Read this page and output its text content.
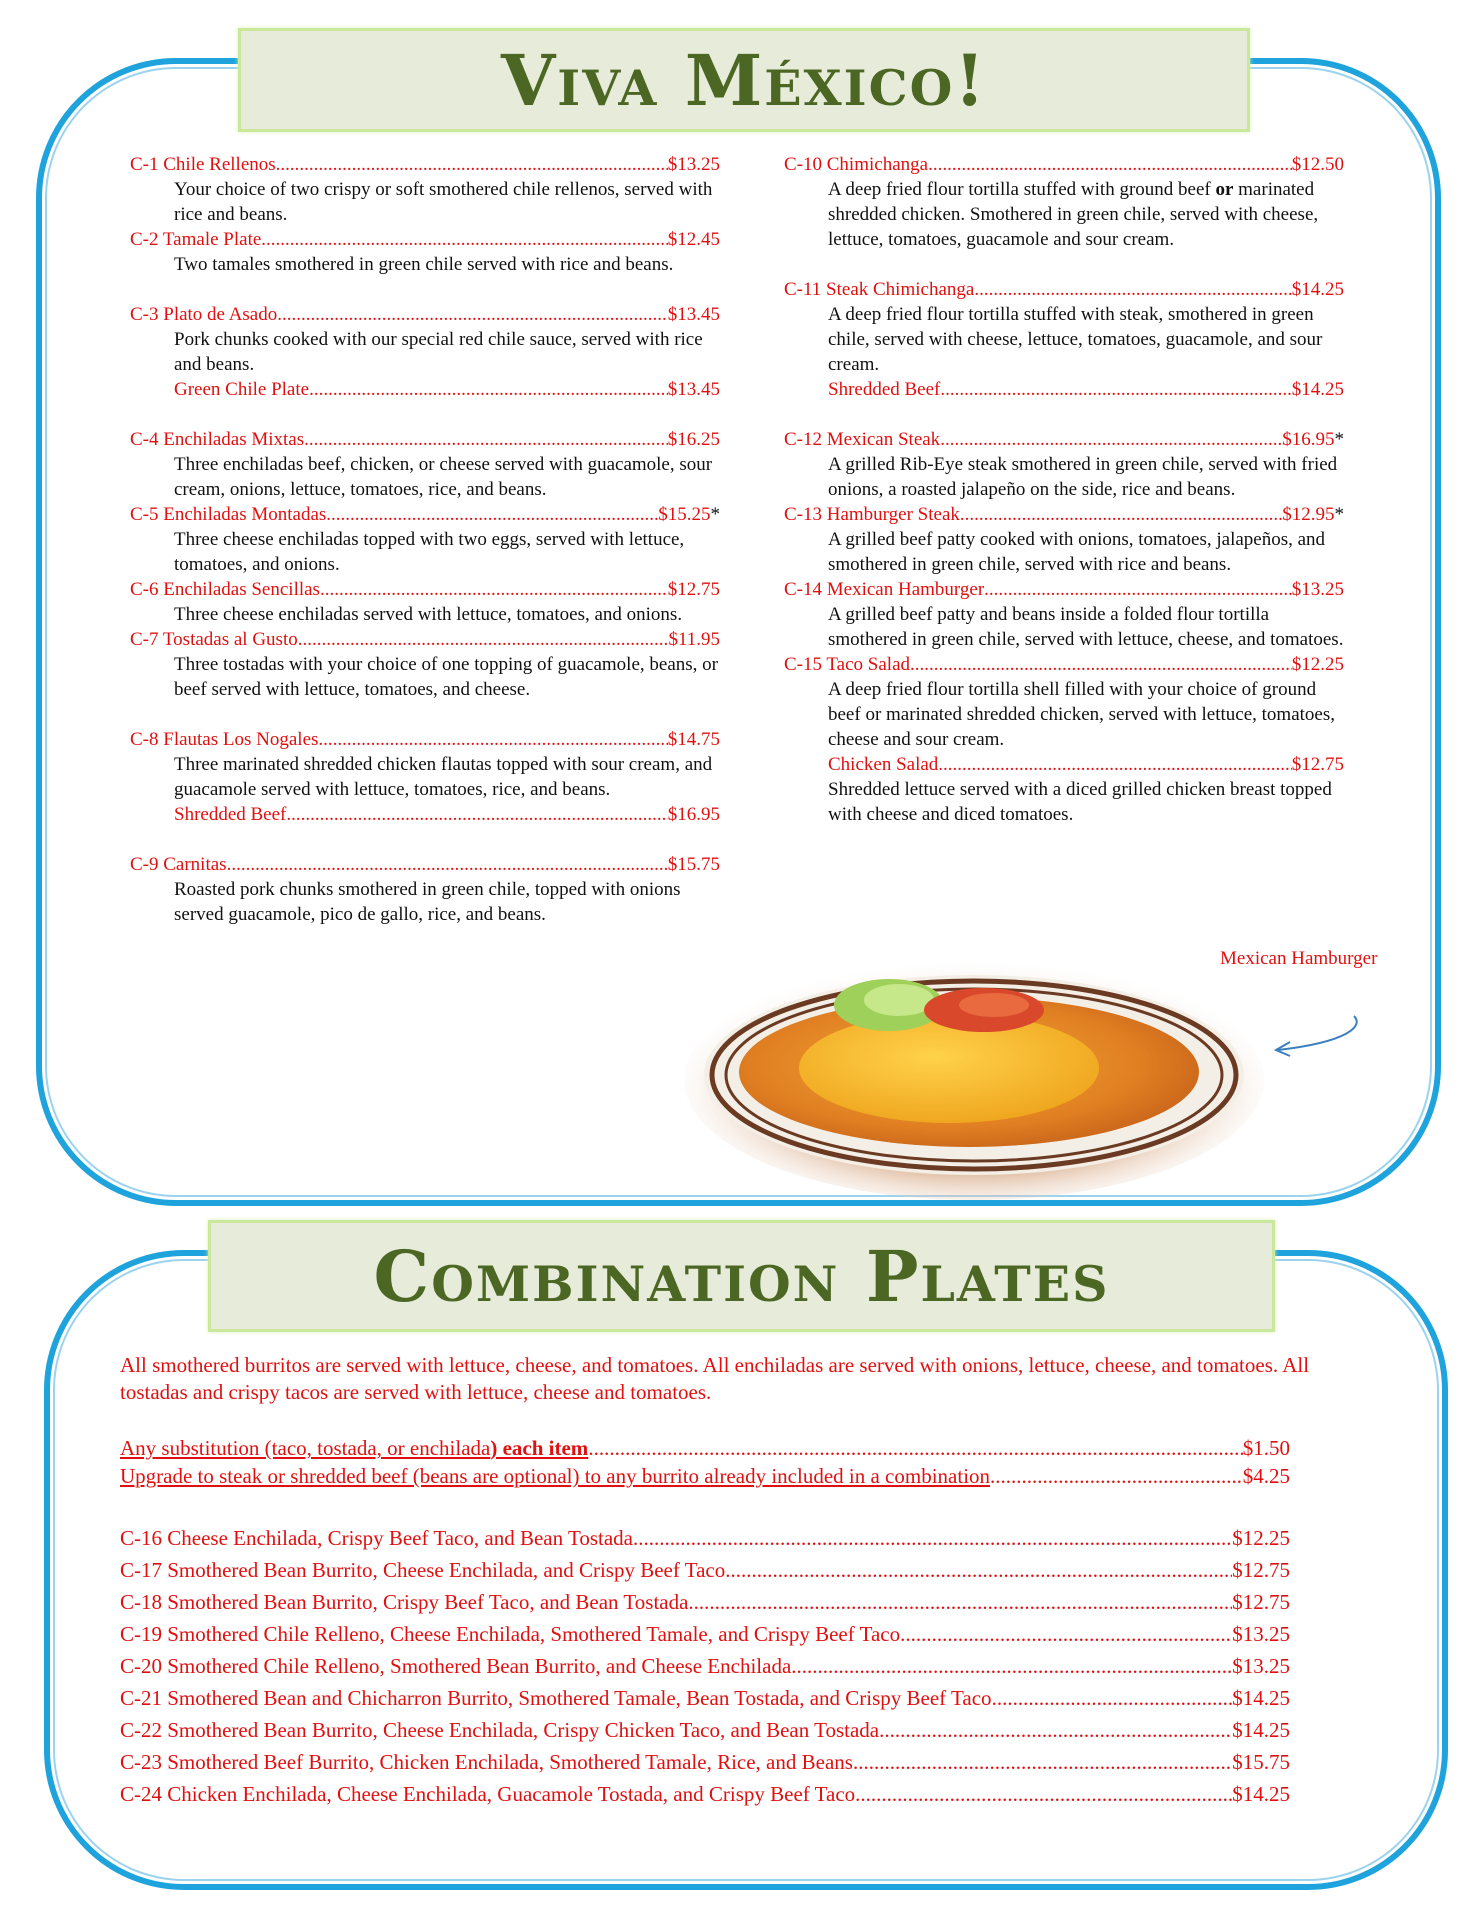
Viva México!
C-1 Chile Rellenos .....	$13.25
Your choice of two crispy or soft smothered chile rellenos, served with rice and beans.
C-2 Tamale Plate .....	$12.45
Two tamales smothered in green chile served with rice and beans.
C-3 Plato de Asado .....	$13.45
Pork chunks cooked with our special red chile sauce, served with rice and beans.
Green Chile Plate .....	$13.45
C-4 Enchiladas Mixtas .....	$16.25
Three enchiladas beef, chicken, or cheese served with guacamole, sour cream, onions, lettuce, tomatoes, rice, and beans.
C-5 Enchiladas Montadas .....	$15.25 *
Three cheese enchiladas topped with two eggs, served with lettuce, tomatoes, and onions.
C-6 Enchiladas Sencillas .....	$12.75
Three cheese enchiladas served with lettuce, tomatoes, and onions.
C-7 Tostadas al Gusto .....	$11.95
Three tostadas with your choice of one topping of guacamole, beans, or beef served with lettuce, tomatoes, and cheese.
C-8 Flautas Los Nogales .....	$14.75
Three marinated shredded chicken flautas topped with sour cream, and guacamole served with lettuce, tomatoes, rice, and beans.
Shredded Beef .....	$16.95
C-9 Carnitas .....	$15.75
Roasted pork chunks smothered in green chile, topped with onions served guacamole, pico de gallo, rice, and beans.
C-10 Chimichanga .....	$12.50
A deep fried flour tortilla stuffed with ground beef or marinated shredded chicken. Smothered in green chile, served with cheese, lettuce, tomatoes, guacamole and sour cream.
C-11 Steak Chimichanga .....	$14.25
A deep fried flour tortilla stuffed with steak, smothered in green chile, served with cheese, lettuce, tomatoes, guacamole, and sour cream.
Shredded Beef .....	$14.25
C-12 Mexican Steak .....	$16.95 *
A grilled Rib-Eye steak smothered in green chile, served with fried onions, a roasted jalapeño on the side, rice and beans.
C-13 Hamburger Steak .....	$12.95 *
A grilled beef patty cooked with onions, tomatoes, jalapeños, and smothered in green chile, served with rice and beans.
C-14 Mexican Hamburger .....	$13.25
A grilled beef patty and beans inside a folded flour tortilla smothered in green chile, served with lettuce, cheese, and tomatoes.
C-15 Taco Salad .....	$12.25
A deep fried flour tortilla shell filled with your choice of ground beef or marinated shredded chicken, served with lettuce, tomatoes, cheese and sour cream.
Chicken Salad .....	$12.75
Shredded lettuce served with a diced grilled chicken breast topped with cheese and diced tomatoes.
Mexican Hamburger
Combination Plates
All smothered burritos are served with lettuce, cheese, and tomatoes. All enchiladas are served with onions, lettuce, cheese, and tomatoes. All tostadas and crispy tacos are served with lettuce, cheese and tomatoes.
Any substitution (taco, tostada, or enchilada) each item .....	$1.50
Upgrade to steak or shredded beef (beans are optional) to any burrito already included in a combination .....	$4.25
C-16 Cheese Enchilada, Crispy Beef Taco, and Bean Tostada .....	$12.25
C-17 Smothered Bean Burrito, Cheese Enchilada, and Crispy Beef Taco .....	$12.75
C-18 Smothered Bean Burrito, Crispy Beef Taco, and Bean Tostada .....	$12.75
C-19 Smothered Chile Relleno, Cheese Enchilada, Smothered Tamale, and Crispy Beef Taco .....	$13.25
C-20 Smothered Chile Relleno, Smothered Bean Burrito, and Cheese Enchilada .....	$13.25
C-21 Smothered Bean and Chicharron Burrito, Smothered Tamale, Bean Tostada, and Crispy Beef Taco .....	$14.25
C-22 Smothered Bean Burrito, Cheese Enchilada, Crispy Chicken Taco, and Bean Tostada .....	$14.25
C-23 Smothered Beef Burrito, Chicken Enchilada, Smothered Tamale, Rice, and Beans .....	$15.75
C-24 Chicken Enchilada, Cheese Enchilada, Guacamole Tostada, and Crispy Beef Taco .....	$14.25
